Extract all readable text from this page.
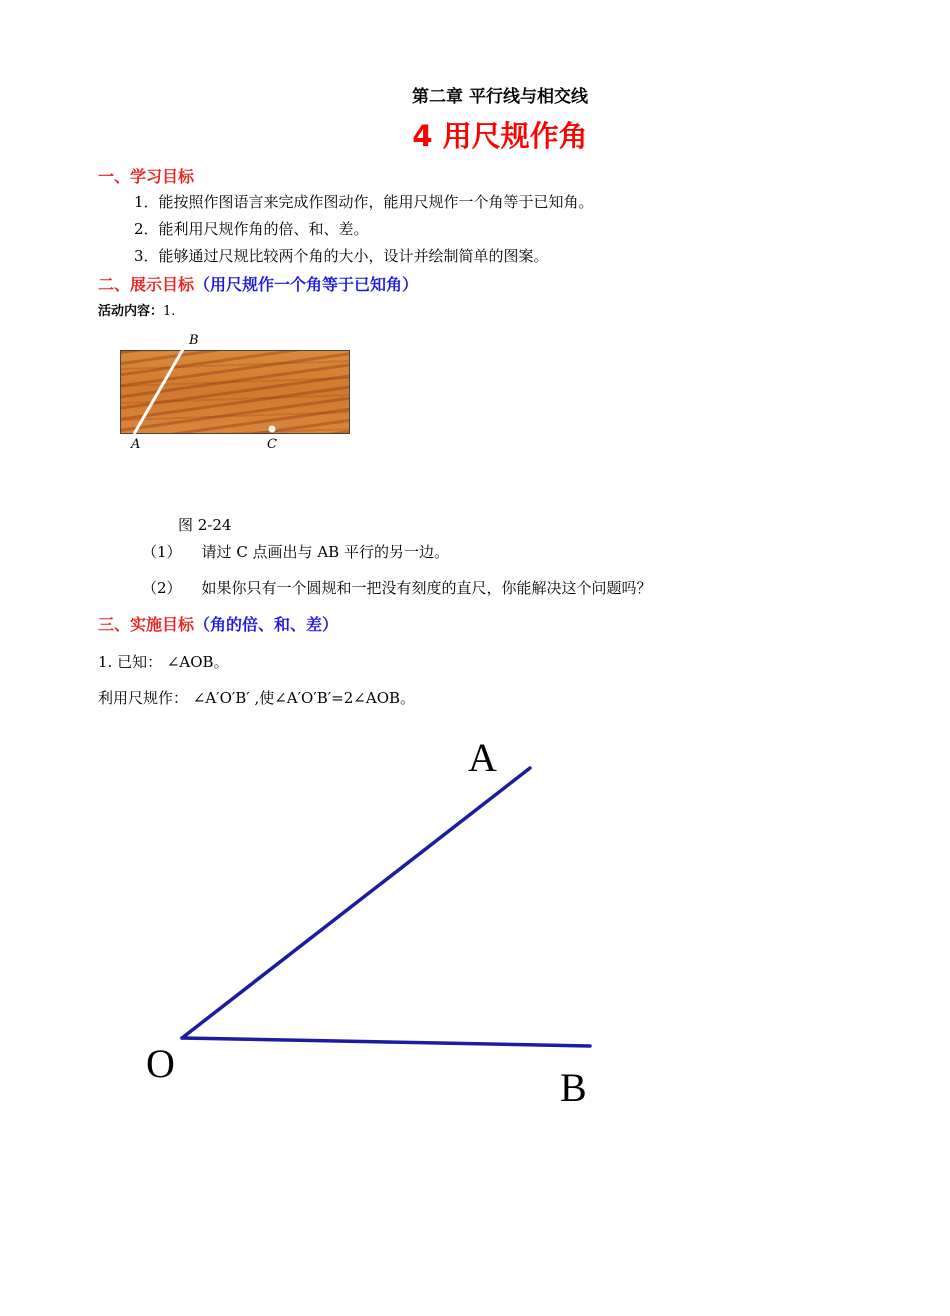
第二章 平行线与相交线
4 用尺规作角
一、学习目标
1．能按照作图语言来完成作图动作，能用尺规作一个角等于已知角。
2．能利用尺规作角的倍、和、差。
3．能够通过尺规比较两个角的大小，设计并绘制简单的图案。
二、展示目标（用尺规作一个角等于已知角）
活动内容：1.
B
A	C
图 2-24
（1） 请过 C 点画出与 AB 平行的另一边。
（2） 如果你只有一个圆规和一把没有刻度的直尺，你能解决这个问题吗？
三、实施目标（角的倍、和、差）
1. 已知： ∠AOB。
利用尺规作： ∠A′O′B′ ,使∠A′O′B′=2∠AOB。
A
O
B
